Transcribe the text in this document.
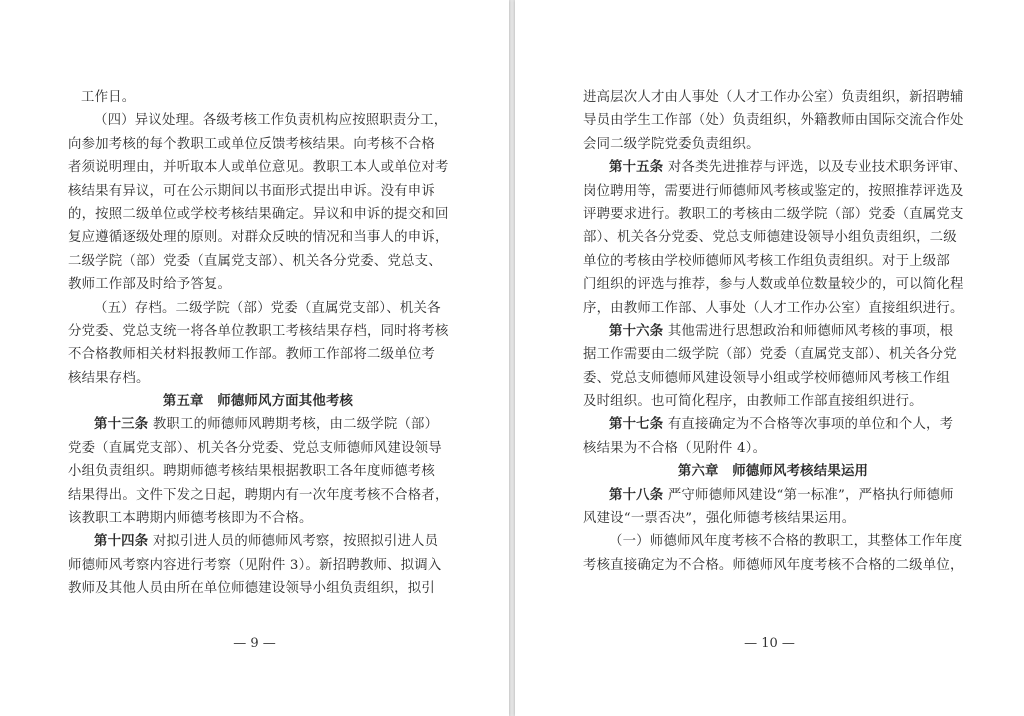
工作日。
（四）异议处理。各级考核工作负责机构应按照职责分工，
向参加考核的每个教职工或单位反馈考核结果。向考核不合格
者须说明理由，并听取本人或单位意见。教职工本人或单位对考
核结果有异议，可在公示期间以书面形式提出申诉。没有申诉
的，按照二级单位或学校考核结果确定。异议和申诉的提交和回
复应遵循逐级处理的原则。对群众反映的情况和当事人的申诉，
二级学院（部）党委（直属党支部）、机关各分党委、党总支、
教师工作部及时给予答复。
（五）存档。二级学院（部）党委（直属党支部）、机关各
分党委、党总支统一将各单位教职工考核结果存档，同时将考核
不合格教师相关材料报教师工作部。教师工作部将二级单位考
核结果存档。
第五章　师德师风方面其他考核
第十三条 教职工的师德师风聘期考核，由二级学院（部）
党委（直属党支部）、机关各分党委、党总支师德师风建设领导
小组负责组织。聘期师德考核结果根据教职工各年度师德考核
结果得出。文件下发之日起，聘期内有一次年度考核不合格者，
该教职工本聘期内师德考核即为不合格。
第十四条 对拟引进人员的师德师风考察，按照拟引进人员
师德师风考察内容进行考察（见附件 3）。新招聘教师、拟调入
教师及其他人员由所在单位师德建设领导小组负责组织，拟引
— 9 —
进高层次人才由人事处（人才工作办公室）负责组织，新招聘辅
导员由学生工作部（处）负责组织，外籍教师由国际交流合作处
会同二级学院党委负责组织。
第十五条 对各类先进推荐与评选，以及专业技术职务评审、
岗位聘用等，需要进行师德师风考核或鉴定的，按照推荐评选及
评聘要求进行。教职工的考核由二级学院（部）党委（直属党支
部）、机关各分党委、党总支师德建设领导小组负责组织，二级
单位的考核由学校师德师风考核工作组负责组织。对于上级部
门组织的评选与推荐，参与人数或单位数量较少的，可以简化程
序，由教师工作部、人事处（人才工作办公室）直接组织进行。
第十六条 其他需进行思想政治和师德师风考核的事项，根
据工作需要由二级学院（部）党委（直属党支部）、机关各分党
委、党总支师德师风建设领导小组或学校师德师风考核工作组
及时组织。也可简化程序，由教师工作部直接组织进行。
第十七条 有直接确定为不合格等次事项的单位和个人，考
核结果为不合格（见附件 4）。
第六章　师德师风考核结果运用
第十八条 严守师德师风建设“第一标准”，严格执行师德师
风建设“一票否决”，强化师德考核结果运用。
（一）师德师风年度考核不合格的教职工，其整体工作年度
考核直接确定为不合格。师德师风年度考核不合格的二级单位，
— 10 —
